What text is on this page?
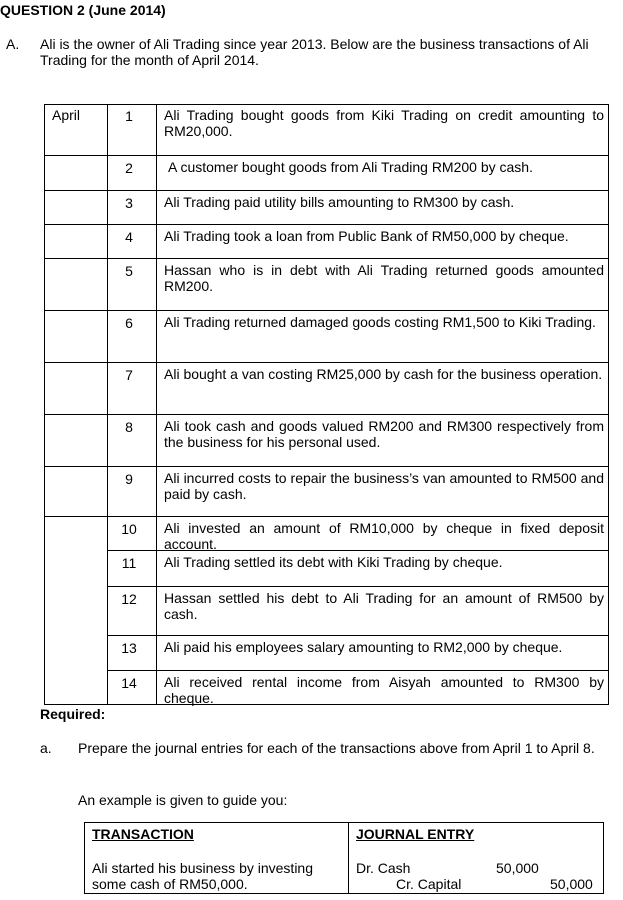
QUESTION 2 (June 2014)
A. Ali is the owner of Ali Trading since year 2013. Below are the business transactions of Ali Trading for the month of April 2014.
April	1	Ali Trading bought goods from Kiki Trading on credit amounting to RM20,000.
2	A customer bought goods from Ali Trading RM200 by cash.
3	Ali Trading paid utility bills amounting to RM300 by cash.
4	Ali Trading took a loan from Public Bank of RM50,000 by cheque.
5	Hassan who is in debt with Ali Trading returned goods amounted RM200.
6	Ali Trading returned damaged goods costing RM1,500 to Kiki Trading.
7	Ali bought a van costing RM25,000 by cash for the business operation.
8	Ali took cash and goods valued RM200 and RM300 respectively from the business for his personal used.
9	Ali incurred costs to repair the business’s van amounted to RM500 and paid by cash.
10	Ali invested an amount of RM10,000 by cheque in fixed deposit account.
11	Ali Trading settled its debt with Kiki Trading by cheque.
12	Hassan settled his debt to Ali Trading for an amount of RM500 by cash.
13	Ali paid his employees salary amounting to RM2,000 by cheque.
14	Ali received rental income from Aisyah amounted to RM300 by cheque.
Required:
a. Prepare the journal entries for each of the transactions above from April 1 to April 8.
An example is given to guide you:
TRANSACTION	JOURNAL ENTRY
Ali started his business by investing some cash of RM50,000.
Dr. Cash	50,000
Cr. Capital	50,000
